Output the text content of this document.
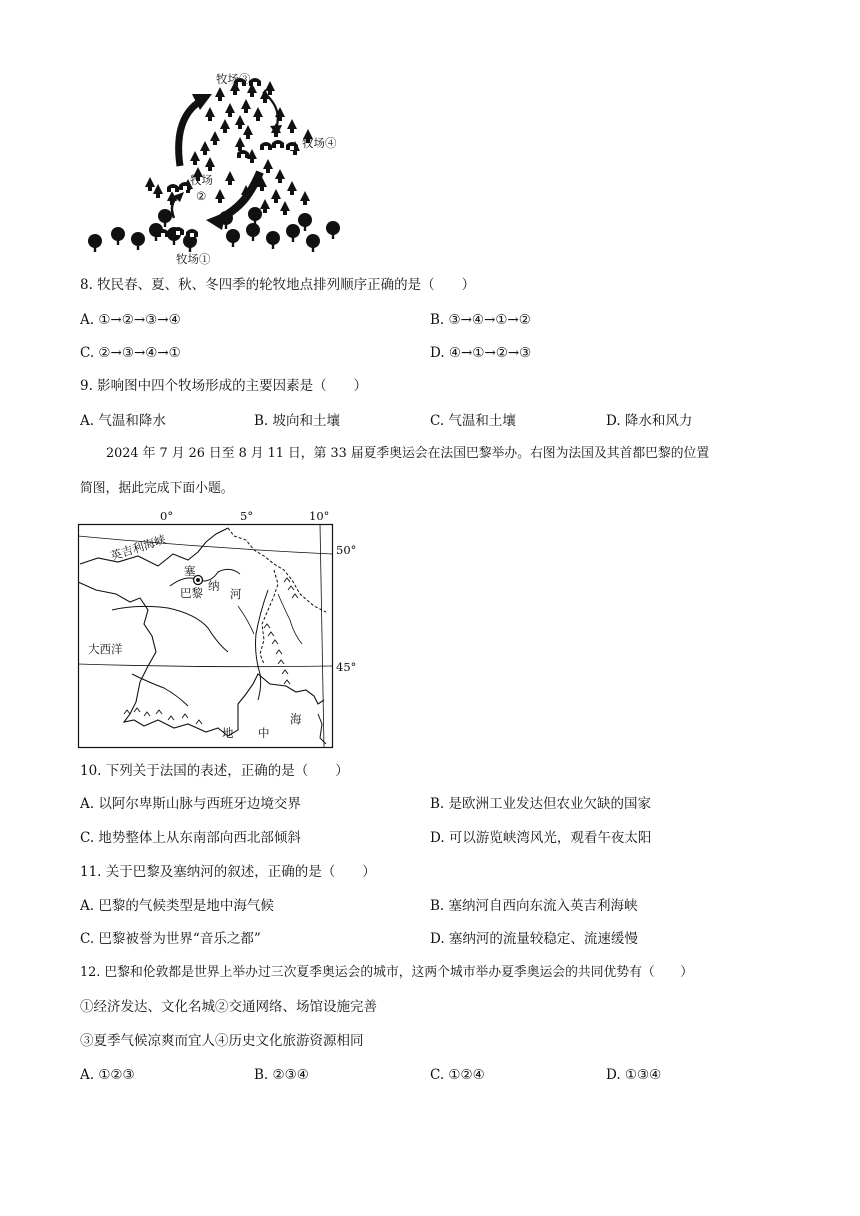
牧场③
牧场④
牧场
②
牧场①
8. 牧民春、夏、秋、冬四季的轮牧地点排列顺序正确的是（　　）
A. ①→②→③→④	B. ③→④→①→②
C. ②→③→④→①	D. ④→①→②→③
9. 影响图中四个牧场形成的主要因素是（　　）
A. 气温和降水	B. 坡向和土壤	C. 气温和土壤	D. 降水和风力
2024 年 7 月 26 日至 8 月 11 日，第 33 届夏季奥运会在法国巴黎举办。右图为法国及其首都巴黎的位置
简图，据此完成下面小题。
0°	5°	10°
50°
45°
英吉利海峡
塞
纳
河
巴黎
大西洋
地 中
海
10. 下列关于法国的表述，正确的是（　　）
A. 以阿尔卑斯山脉与西班牙边境交界	B. 是欧洲工业发达但农业欠缺的国家
C. 地势整体上从东南部向西北部倾斜	D. 可以游览峡湾风光，观看午夜太阳
11. 关于巴黎及塞纳河的叙述，正确的是（　　）
A. 巴黎的气候类型是地中海气候	B. 塞纳河自西向东流入英吉利海峡
C. 巴黎被誉为世界“音乐之都”	D. 塞纳河的流量较稳定、流速缓慢
12. 巴黎和伦敦都是世界上举办过三次夏季奥运会的城市，这两个城市举办夏季奥运会的共同优势有（　　）
①经济发达、文化名城②交通网络、场馆设施完善
③夏季气候凉爽而宜人④历史文化旅游资源相同
A. ①②③	B. ②③④	C. ①②④	D. ①③④
